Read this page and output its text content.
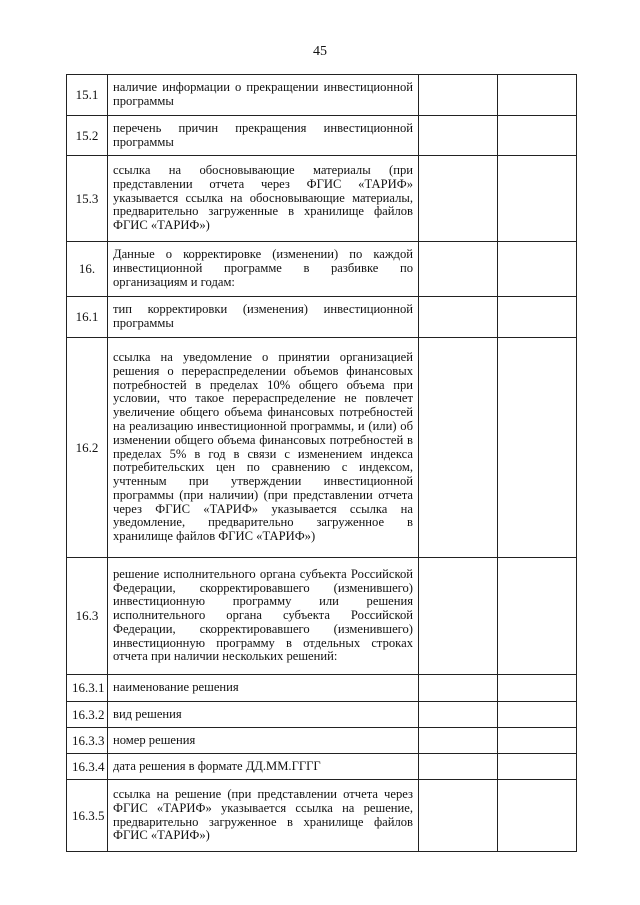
45
15.1	наличие информации о прекращении инвестиционной программы		
15.2	перечень причин прекращения инвестиционной программы		
15.3	ссылка на обосновывающие материалы (при представлении отчета через ФГИС «ТАРИФ» указывается ссылка на обосновывающие материалы, предварительно загруженные в хранилище файлов ФГИС «ТАРИФ»)		
16.	Данные о корректировке (изменении) по каждой инвестиционной программе в разбивке по организациям и годам:		
16.1	тип корректировки (изменения) инвестиционной программы		
16.2	ссылка на уведомление о принятии организацией решения о перераспределении объемов финансовых потребностей в пределах 10% общего объема при условии, что такое перераспределение не повлечет увеличение общего объема финансовых потребностей на реализацию инвестиционной программы, и (или) об изменении общего объема финансовых потребностей в пределах 5% в год в связи с изменением индекса потребительских цен по сравнению с индексом, учтенным при утверждении инвестиционной программы (при наличии) (при представлении отчета через ФГИС «ТАРИФ» указывается ссылка на уведомление, предварительно загруженное в хранилище файлов ФГИС «ТАРИФ»)		
16.3	решение исполнительного органа субъекта Российской Федерации, скорректировавшего (изменившего) инвестиционную программу или решения исполнительного органа субъекта Российской Федерации, скорректировавшего (изменившего) инвестиционную программу в отдельных строках отчета при наличии нескольких решений:		
16.3.1	наименование решения		
16.3.2	вид решения		
16.3.3	номер решения		
16.3.4	дата решения в формате ДД.ММ.ГГГГ		
16.3.5	ссылка на решение (при представлении отчета через ФГИС «ТАРИФ» указывается ссылка на решение, предварительно загруженное в хранилище файлов ФГИС «ТАРИФ»)		
